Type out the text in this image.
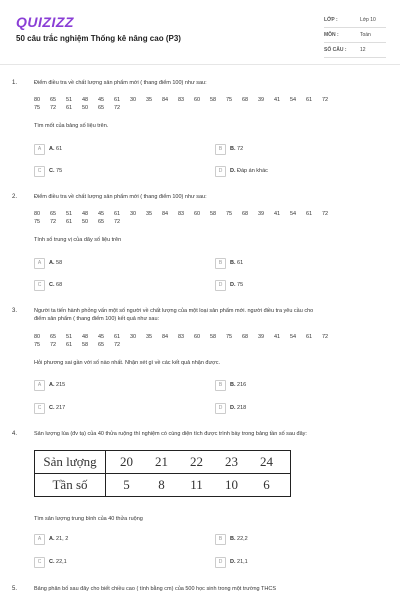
QUIZIZZ
50 câu trắc nghiệm Thống kê nâng cao (P3)
LỚP :	Lớp 10
MÔN :	Toán
SỐ CÂU :	12
1.	Điểm điều tra về chất lượng sản phẩm mới ( thang điểm 100) như sau:
80 65 51 48 45 61 30 35 84 83 60 58 75 68 39 41 54 61 72
75 72 61 50 65 72
Tìm mốt của bảng số liệu trên.
A	A. 61	B	B. 72
C	C. 75	D	D. Đáp án khác
2.	Điểm điều tra về chất lượng sản phẩm mới ( thang điểm 100) như sau:
80 65 51 48 45 61 30 35 84 83 60 58 75 68 39 41 54 61 72
75 72 61 50 65 72
Tính số trung vị của dãy số liệu trên
A	A. 58	B	B. 61
C	C. 68	D	D. 75
3.	Người ta tiến hành phỏng vấn một số người về chất lượng của một loại sản phẩm mới. người điều tra yêu cầu cho
điểm sản phẩm ( thang điểm 100) kết quả như sau:
80 65 51 48 45 61 30 35 84 83 60 58 75 68 39 41 54 61 72
75 72 61 58 65 72
Hỏi phương sai gần với số nào nhất. Nhận xét gì về các kết quả nhận được.
A	A. 215	B	B. 216
C	C. 217	D	D. 218
4.	Sản lượng lúa (đv tạ) của 40 thửa ruộng thí nghiệm có cùng diện tích được trình bày trong bảng tần số sau đây:
Sản lượng	20 21 22 23 24
Tần số	5 8 11 10 6
Tìm sản lượng trung bình của 40 thửa ruộng
A	A. 21, 2	B	B. 22,2
C	C. 22,1	D	D. 21,1
5.	Bảng phân bố sau đây cho biết chiều cao ( tính bằng cm) của 500 học sinh trong một trường THCS
